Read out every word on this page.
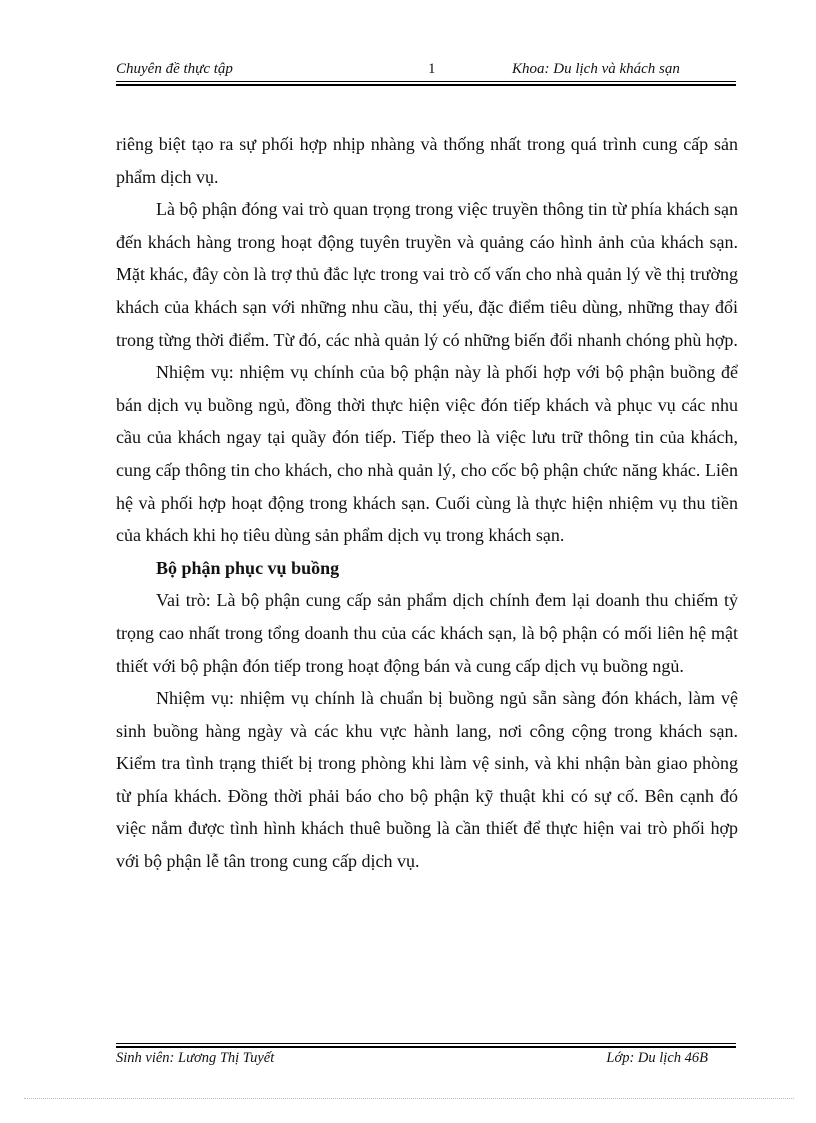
Chuyên đề thực tập	1	Khoa: Du lịch và khách sạn

riêng biệt tạo ra sự phối hợp nhịp nhàng và thống nhất trong quá trình cung cấp sản phẩm dịch vụ.

Là bộ phận đóng vai trò quan trọng trong việc truyền thông tin từ phía khách sạn đến khách hàng trong hoạt động tuyên truyền và quảng cáo hình ảnh của khách sạn. Mặt khác, đây còn là trợ thủ đắc lực trong vai trò cố vấn cho nhà quản lý về thị trường khách của khách sạn với những nhu cầu, thị yếu, đặc điểm tiêu dùng, những thay đổi trong từng thời điểm. Từ đó, các nhà quản lý có những biến đổi nhanh chóng phù hợp.

Nhiệm vụ: nhiệm vụ chính của bộ phận này là phối hợp với bộ phận buồng để bán dịch vụ buồng ngủ, đồng thời thực hiện việc đón tiếp khách và phục vụ các nhu cầu của khách ngay tại quầy đón tiếp. Tiếp theo là việc lưu trữ thông tin của khách, cung cấp thông tin cho khách, cho nhà quản lý, cho cốc bộ phận chức năng khác. Liên hệ và phối hợp hoạt động trong khách sạn. Cuối cùng là thực hiện nhiệm vụ thu tiền của khách khi họ tiêu dùng sản phẩm dịch vụ trong khách sạn.

Bộ phận phục vụ buồng

Vai trò: Là bộ phận cung cấp sản phẩm dịch chính đem lại doanh thu chiếm tỷ trọng cao nhất trong tổng doanh thu của các khách sạn, là bộ phận có mối liên hệ mật thiết với bộ phận đón tiếp trong hoạt động bán và cung cấp dịch vụ buồng ngủ.

Nhiệm vụ: nhiệm vụ chính là chuẩn bị buồng ngủ sẵn sàng đón khách, làm vệ sinh buồng hàng ngày và các khu vực hành lang, nơi công cộng trong khách sạn. Kiểm tra tình trạng thiết bị trong phòng khi làm vệ sinh, và khi nhận bàn giao phòng từ phía khách. Đồng thời phải báo cho bộ phận kỹ thuật khi có sự cố. Bên cạnh đó việc nắm được tình hình khách thuê buồng là cần thiết để thực hiện vai trò phối hợp với bộ phận lễ tân trong cung cấp dịch vụ.

Sinh viên: Lương Thị Tuyết	Lớp: Du lịch 46B
